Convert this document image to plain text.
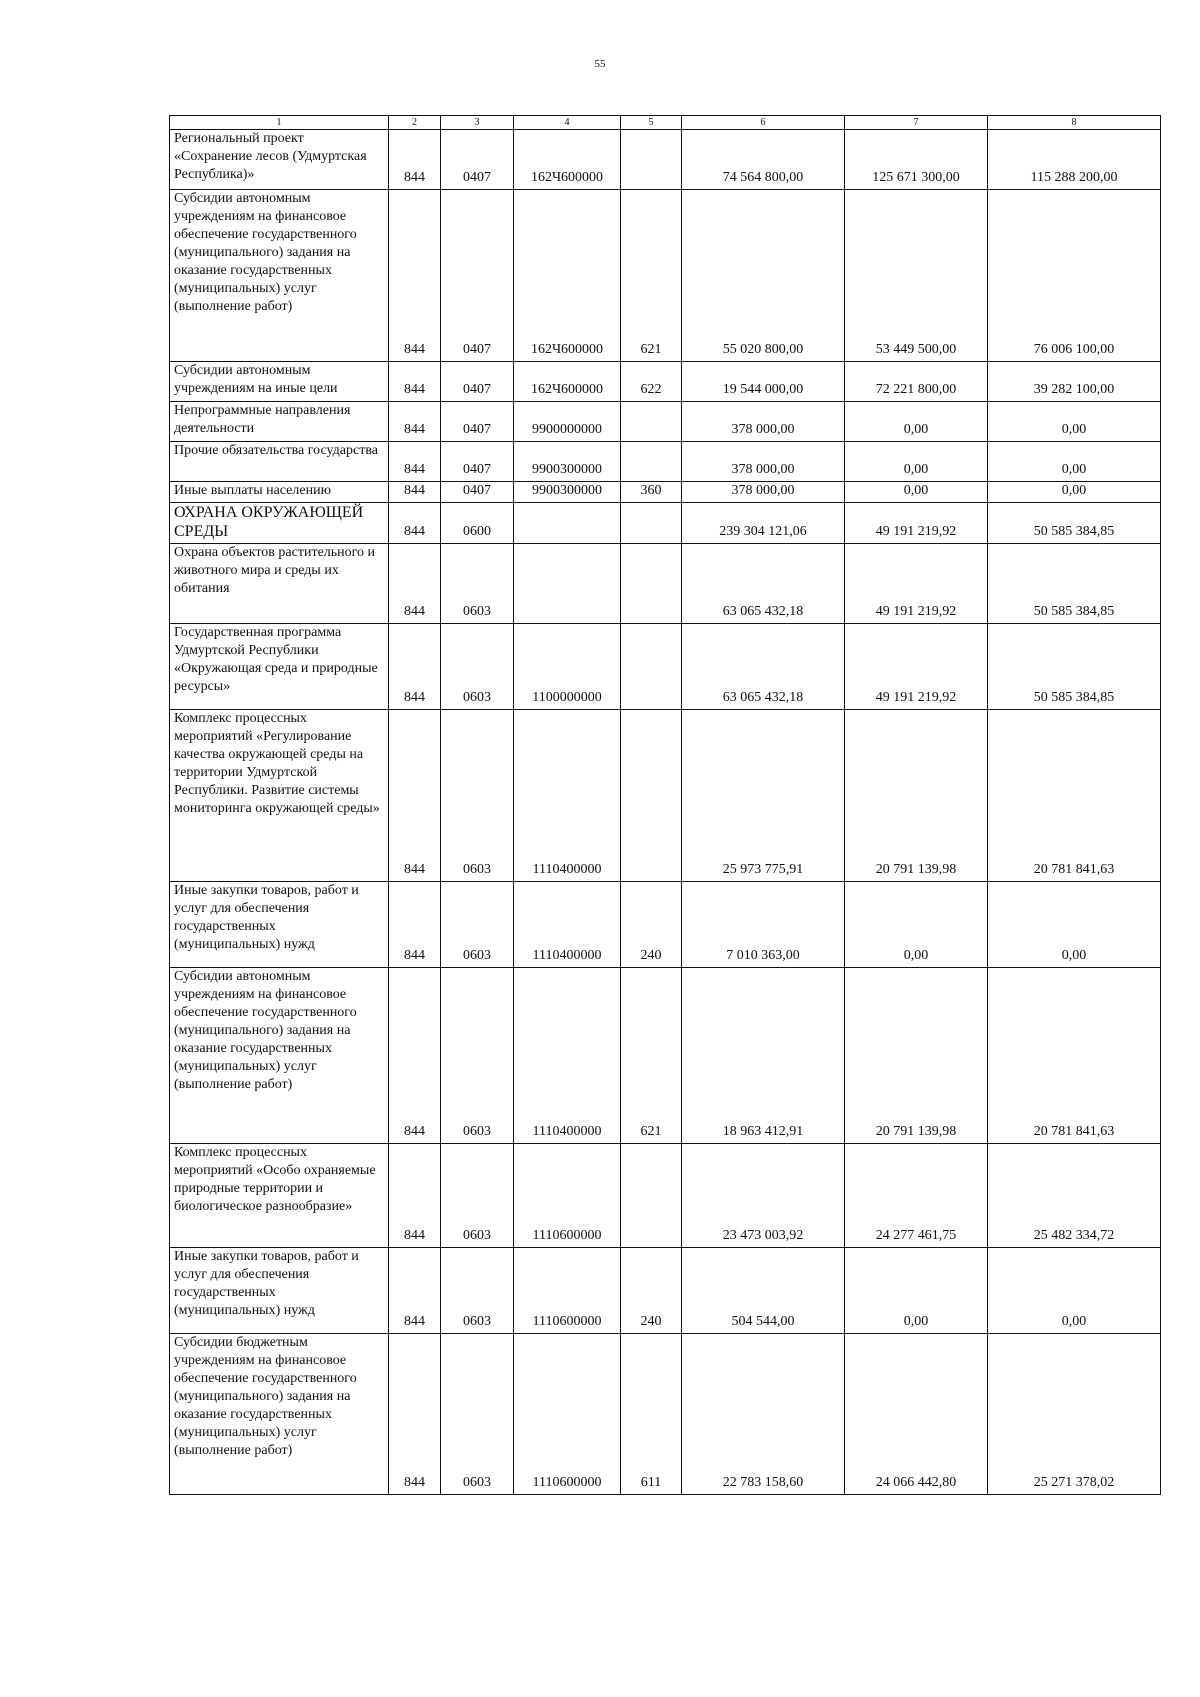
55
1	2	3	4	5	6	7	8
Региональный проект «Сохранение лесов (Удмуртская Республика)»	844	0407	162Ч600000		74 564 800,00	125 671 300,00	115 288 200,00
Субсидии автономным учреждениям на финансовое обеспечение государственного (муниципального) задания на оказание государственных (муниципальных) услуг (выполнение работ)	844	0407	162Ч600000	621	55 020 800,00	53 449 500,00	76 006 100,00
Субсидии автономным учреждениям на иные цели	844	0407	162Ч600000	622	19 544 000,00	72 221 800,00	39 282 100,00
Непрограммные направления деятельности	844	0407	9900000000		378 000,00	0,00	0,00
Прочие обязательства государства	844	0407	9900300000		378 000,00	0,00	0,00
Иные выплаты населению	844	0407	9900300000	360	378 000,00	0,00	0,00
ОХРАНА ОКРУЖАЮЩЕЙ СРЕДЫ	844	0600			239 304 121,06	49 191 219,92	50 585 384,85
Охрана объектов растительного и животного мира и среды их обитания	844	0603			63 065 432,18	49 191 219,92	50 585 384,85
Государственная программа Удмуртской Республики «Окружающая среда и природные ресурсы»	844	0603	1100000000		63 065 432,18	49 191 219,92	50 585 384,85
Комплекс процессных мероприятий «Регулирование качества окружающей среды на территории Удмуртской Республики. Развитие системы мониторинга окружающей среды»	844	0603	1110400000		25 973 775,91	20 791 139,98	20 781 841,63
Иные закупки товаров, работ и услуг для обеспечения государственных (муниципальных) нужд	844	0603	1110400000	240	7 010 363,00	0,00	0,00
Субсидии автономным учреждениям на финансовое обеспечение государственного (муниципального) задания на оказание государственных (муниципальных) услуг (выполнение работ)	844	0603	1110400000	621	18 963 412,91	20 791 139,98	20 781 841,63
Комплекс процессных мероприятий «Особо охраняемые природные территории и биологическое разнообразие»	844	0603	1110600000		23 473 003,92	24 277 461,75	25 482 334,72
Иные закупки товаров, работ и услуг для обеспечения государственных (муниципальных) нужд	844	0603	1110600000	240	504 544,00	0,00	0,00
Субсидии бюджетным учреждениям на финансовое обеспечение государственного (муниципального) задания на оказание государственных (муниципальных) услуг (выполнение работ)	844	0603	1110600000	611	22 783 158,60	24 066 442,80	25 271 378,02
